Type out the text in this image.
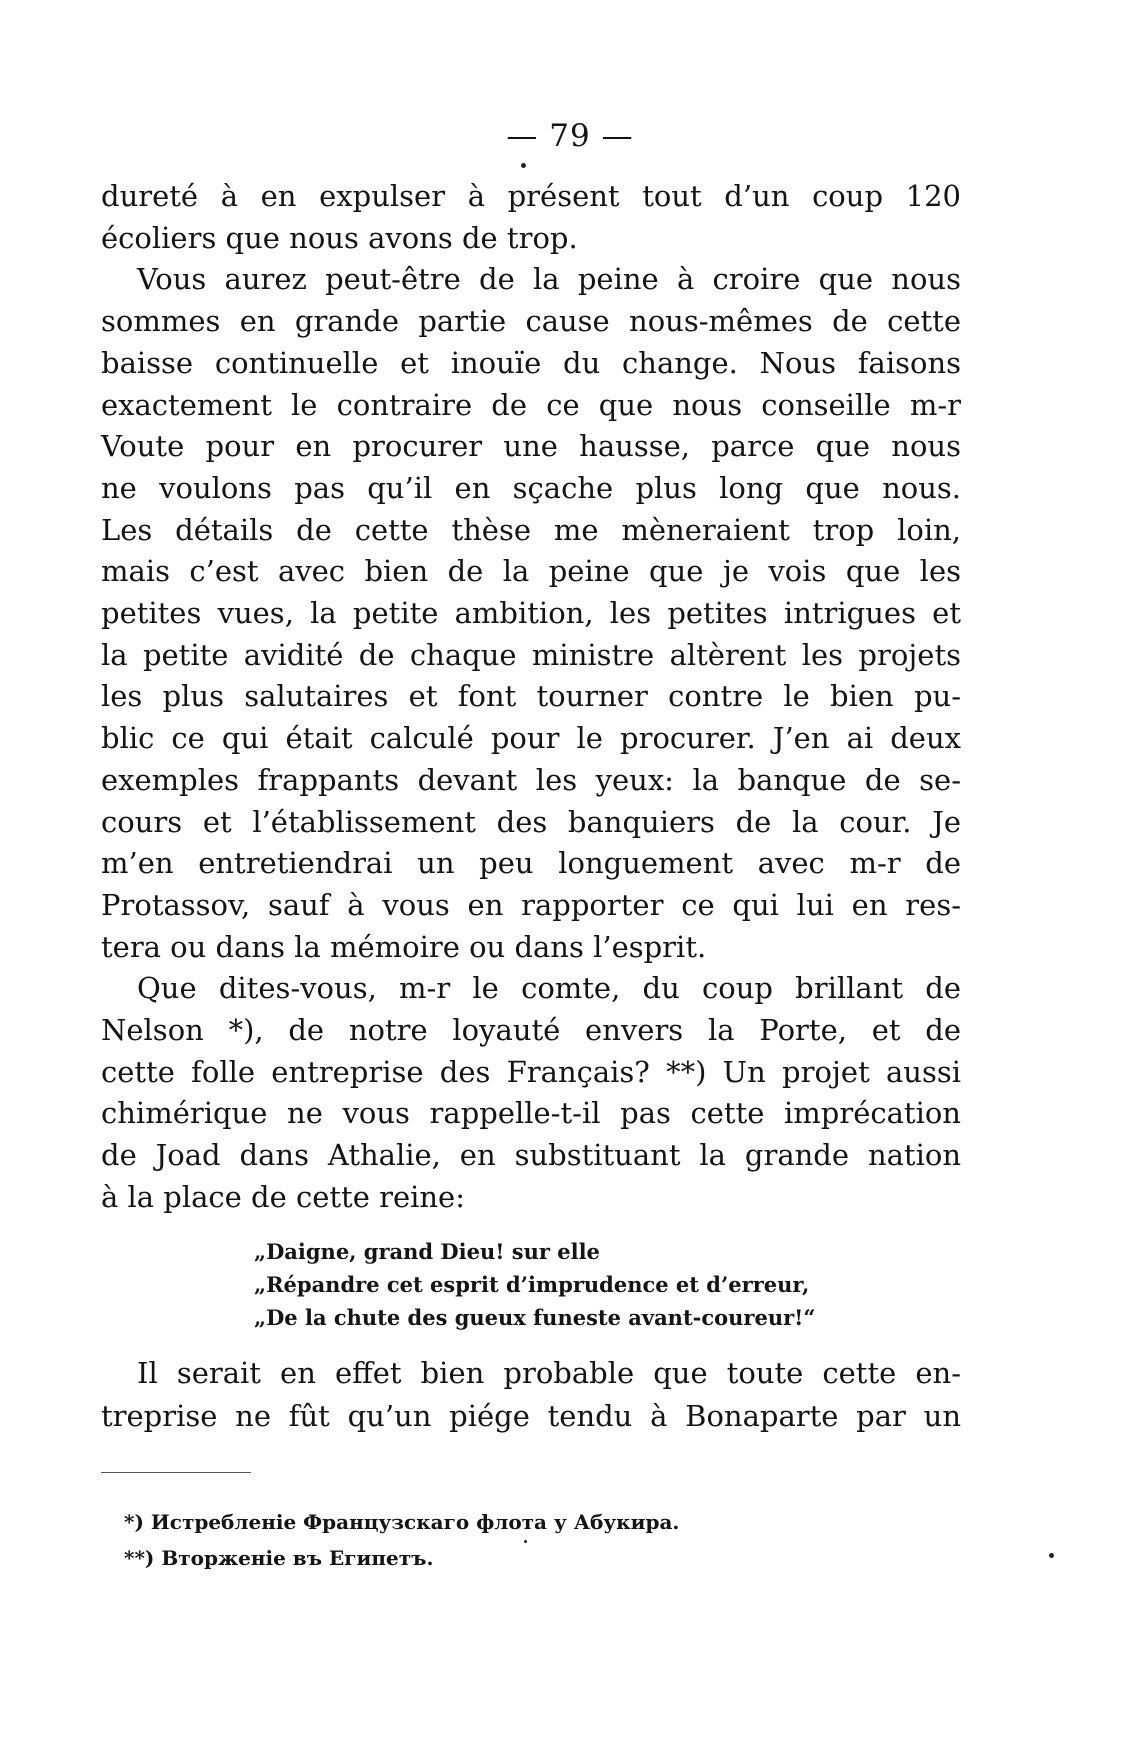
— 79 —
dureté à en expulser à présent tout d’un coup 120
écoliers que nous avons de trop.
Vous aurez peut-être de la peine à croire que nous
sommes en grande partie cause nous-mêmes de cette
baisse continuelle et inouïe du change. Nous faisons
exactement le contraire de ce que nous conseille m-r
Voute pour en procurer une hausse, parce que nous
ne voulons pas qu’il en sçache plus long que nous.
Les détails de cette thèse me mèneraient trop loin,
mais c’est avec bien de la peine que je vois que les
petites vues, la petite ambition, les petites intrigues et
la petite avidité de chaque ministre altèrent les projets
les plus salutaires et font tourner contre le bien pu-
blic ce qui était calculé pour le procurer. J’en ai deux
exemples frappants devant les yeux: la banque de se-
cours et l’établissement des banquiers de la cour. Je
m’en entretiendrai un peu longuement avec m-r de
Protassov, sauf à vous en rapporter ce qui lui en res-
tera ou dans la mémoire ou dans l’esprit.
Que dites-vous, m-r le comte, du coup brillant de
Nelson *), de notre loyauté envers la Porte, et de
cette folle entreprise des Français? **) Un projet aussi
chimérique ne vous rappelle-t-il pas cette imprécation
de Joad dans Athalie, en substituant la grande nation
à la place de cette reine:
„Daigne, grand Dieu! sur elle
„Répandre cet esprit d’imprudence et d’erreur,
„De la chute des gueux funeste avant-coureur!“
Il serait en effet bien probable que toute cette en-
treprise ne fût qu’un piége tendu à Bonaparte par un
*) Истребленіе Французскаго флота у Абукира.
**) Вторженіе въ Египетъ.
